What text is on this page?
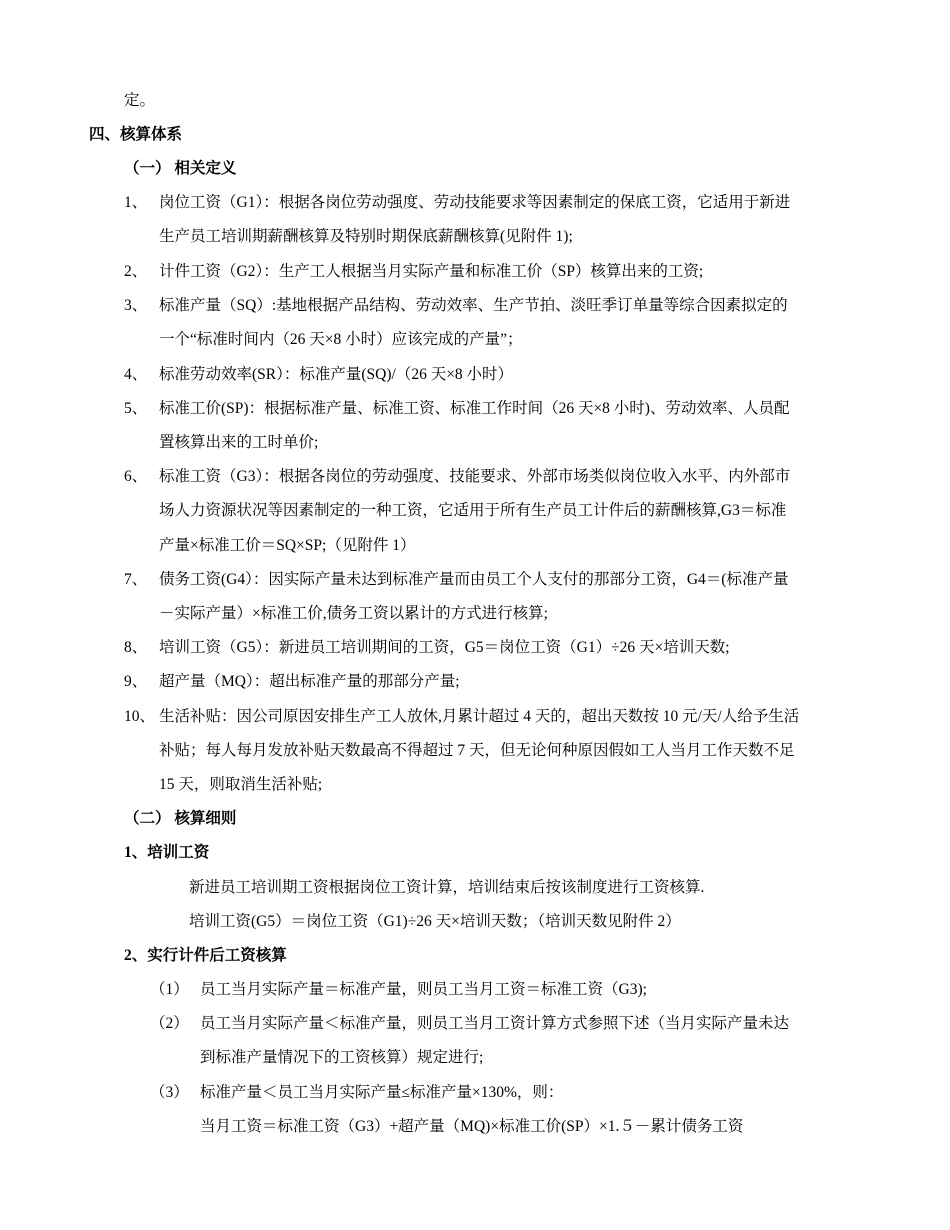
定。
四、核算体系
（一） 相关定义
1、 岗位工资（G1）：根据各岗位劳动强度、劳动技能要求等因素制定的保底工资，它适用于新进
生产员工培训期薪酬核算及特别时期保底薪酬核算(见附件 1);
2、 计件工资（G2）：生产工人根据当月实际产量和标准工价（SP）核算出来的工资;
3、 标准产量（SQ）:基地根据产品结构、劳动效率、生产节拍、淡旺季订单量等综合因素拟定的
一个“标准时间内（26 天×8 小时）应该完成的产量”；
4、 标准劳动效率(SR）：标准产量(SQ)/（26 天×8 小时）
5、 标准工价(SP)：根据标准产量、标准工资、标准工作时间（26 天×8 小时)、劳动效率、人员配
置核算出来的工时单价;
6、 标准工资（G3）：根据各岗位的劳动强度、技能要求、外部市场类似岗位收入水平、内外部市
场人力资源状况等因素制定的一种工资，它适用于所有生产员工计件后的薪酬核算,G3＝标准
产量×标准工价＝SQ×SP;（见附件 1）
7、 债务工资(G4）：因实际产量未达到标准产量而由员工个人支付的那部分工资，G4＝(标准产量
－实际产量）×标准工价,债务工资以累计的方式进行核算;
8、 培训工资（G5）：新进员工培训期间的工资，G5＝岗位工资（G1）÷26 天×培训天数;
9、 超产量（MQ）：超出标准产量的那部分产量;
10、 生活补贴：因公司原因安排生产工人放休,月累计超过 4 天的，超出天数按 10 元/天/人给予生活
补贴；每人每月发放补贴天数最高不得超过 7 天，但无论何种原因假如工人当月工作天数不足
15 天，则取消生活补贴;
（二） 核算细则
1、培训工资
新进员工培训期工资根据岗位工资计算，培训结束后按该制度进行工资核算.
培训工资(G5）＝岗位工资（G1)÷26 天×培训天数；（培训天数见附件 2）
2、实行计件后工资核算
（1） 员工当月实际产量＝标准产量，则员工当月工资＝标准工资（G3);
（2） 员工当月实际产量＜标准产量，则员工当月工资计算方式参照下述（当月实际产量未达
到标准产量情况下的工资核算）规定进行;
（3） 标准产量＜员工当月实际产量≤标准产量×130%，则：
当月工资＝标准工资（G3）+超产量（MQ)×标准工价(SP）×1.５－累计债务工资
